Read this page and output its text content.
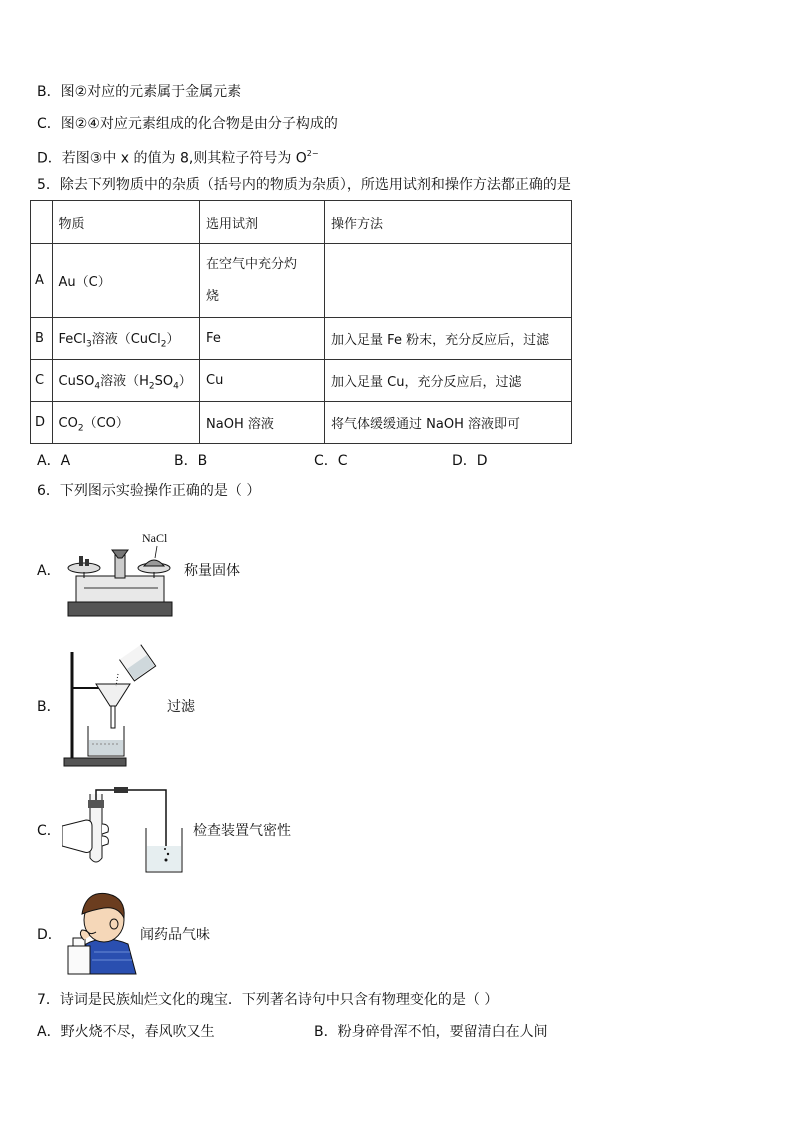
B．图②对应的元素属于金属元素
C．图②④对应元素组成的化合物是由分子构成的
D．若图③中 x 的值为 8,则其粒子符号为 $O^{2-}$
5．除去下列物质中的杂质（括号内的物质为杂质），所选用试剂和操作方法都正确的是
	物质	选用试剂	操作方法
A	Au（C）	在空气中充分灼
烧	

B	FeCl$_3$溶液（CuCl$_2$）	Fe	加入足量 Fe 粉末，充分反应后，过滤
C	CuSO$_4$溶液$(H_2SO_4)$	Cu	加入足量 Cu，充分反应后，过滤
D	$CO_2(CO)$	NaOH 溶液	将气体缓缓通过 NaOH 溶液即可
A．A	B．B	C．C	D．D
6．下列图示实验操作正确的是（ ）
A．
NaCl
称量固体
B．	过滤
C．	检查装置气密性
D．	闻药品气味
7．诗词是民族灿烂文化的瑰宝．下列著名诗句中只含有物理变化的是（ ）
A．野火烧不尽，春风吹又生	B．粉身碎骨浑不怕，要留清白在人间
